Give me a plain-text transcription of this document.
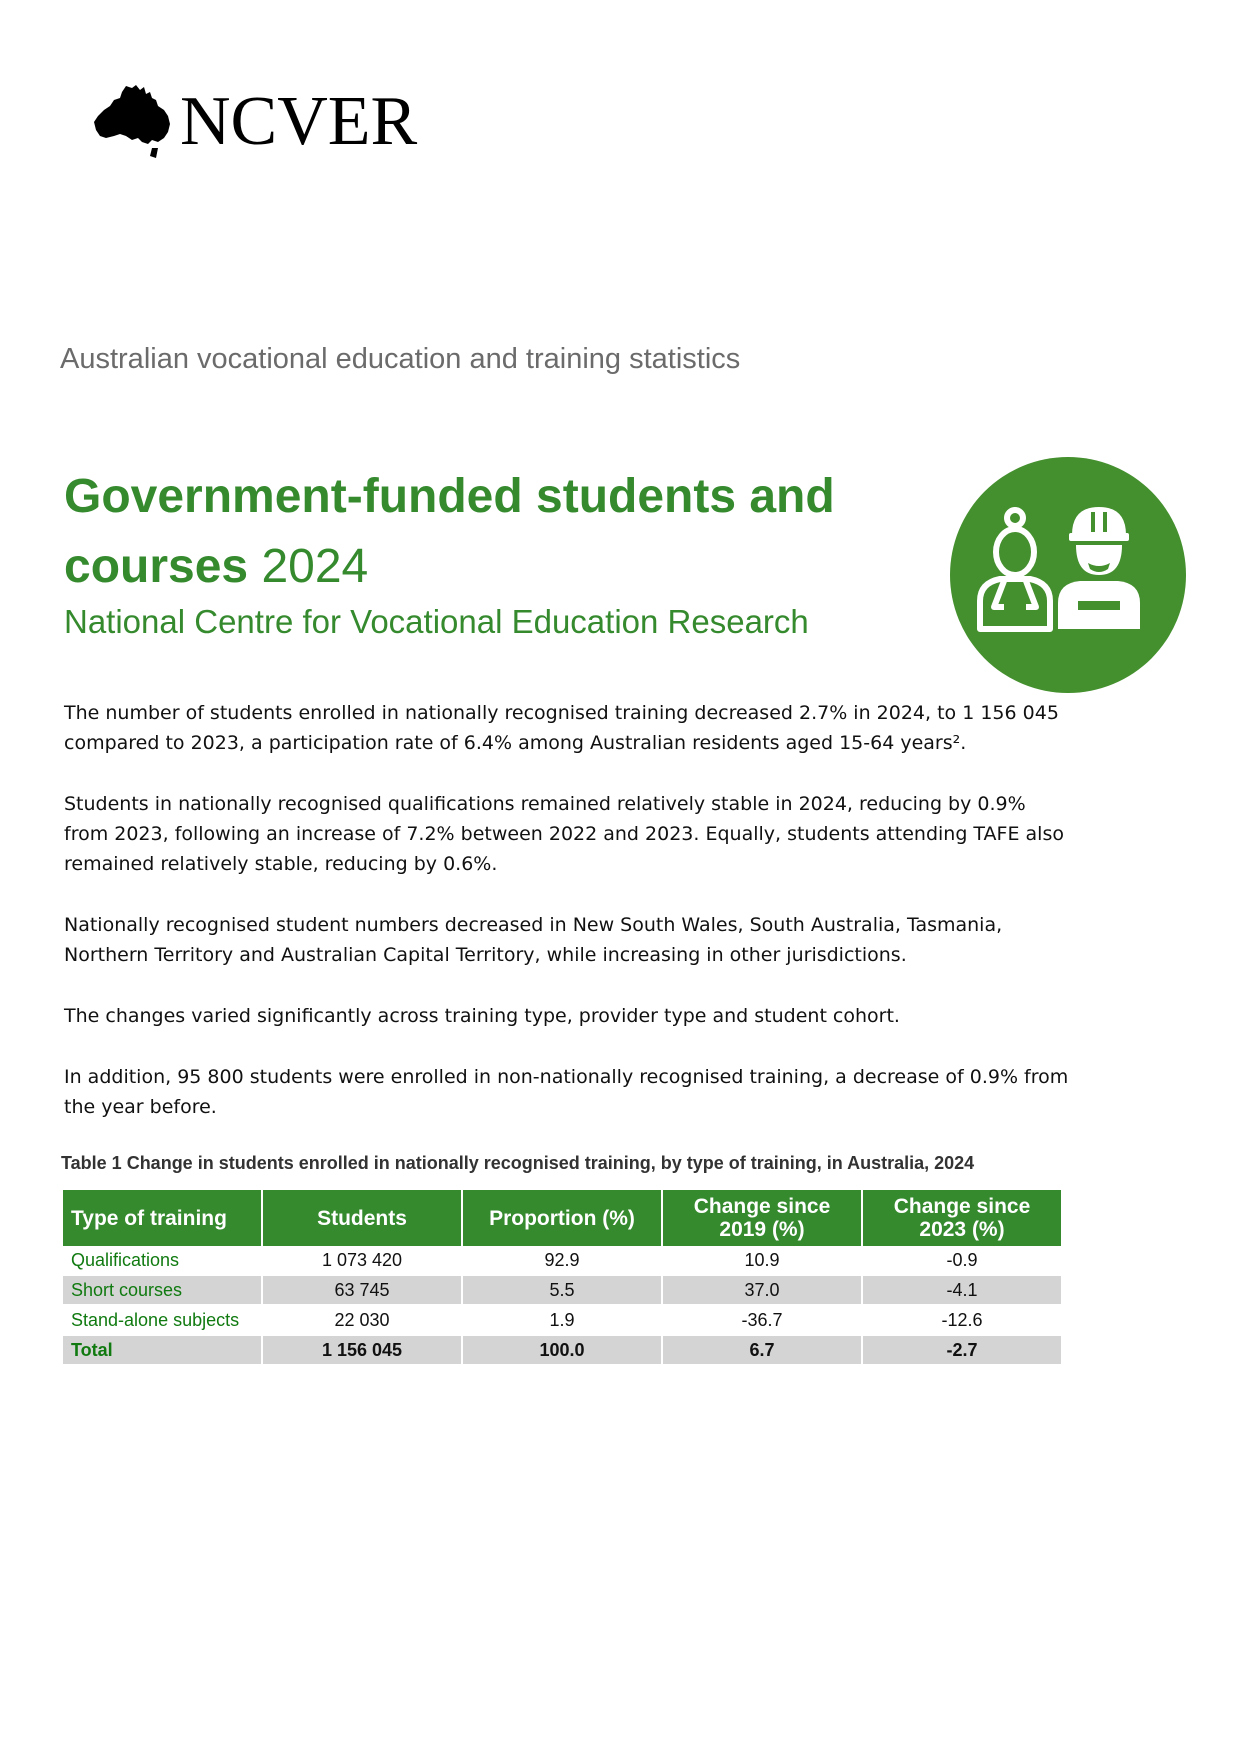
NCVER
Australian vocational education and training statistics
Government-funded students and courses 2024
National Centre for Vocational Education Research

The number of students enrolled in nationally recognised training decreased 2.7% in 2024, to 1 156 045 compared to 2023, a participation rate of 6.4% among Australian residents aged 15-64 years².

Students in nationally recognised qualifications remained relatively stable in 2024, reducing by 0.9% from 2023, following an increase of 7.2% between 2022 and 2023. Equally, students attending TAFE also remained relatively stable, reducing by 0.6%.

Nationally recognised student numbers decreased in New South Wales, South Australia, Tasmania, Northern Territory and Australian Capital Territory, while increasing in other jurisdictions.

The changes varied significantly across training type, provider type and student cohort.

In addition, 95 800 students were enrolled in non-nationally recognised training, a decrease of 0.9% from the year before.

Table 1 Change in students enrolled in nationally recognised training, by type of training, in Australia, 2024
Type of training	Students	Proportion (%)	Change since 2019 (%)	Change since 2023 (%)
Qualifications	1 073 420	92.9	10.9	-0.9
Short courses	63 745	5.5	37.0	-4.1
Stand-alone subjects	22 030	1.9	-36.7	-12.6
Total	1 156 045	100.0	6.7	-2.7
